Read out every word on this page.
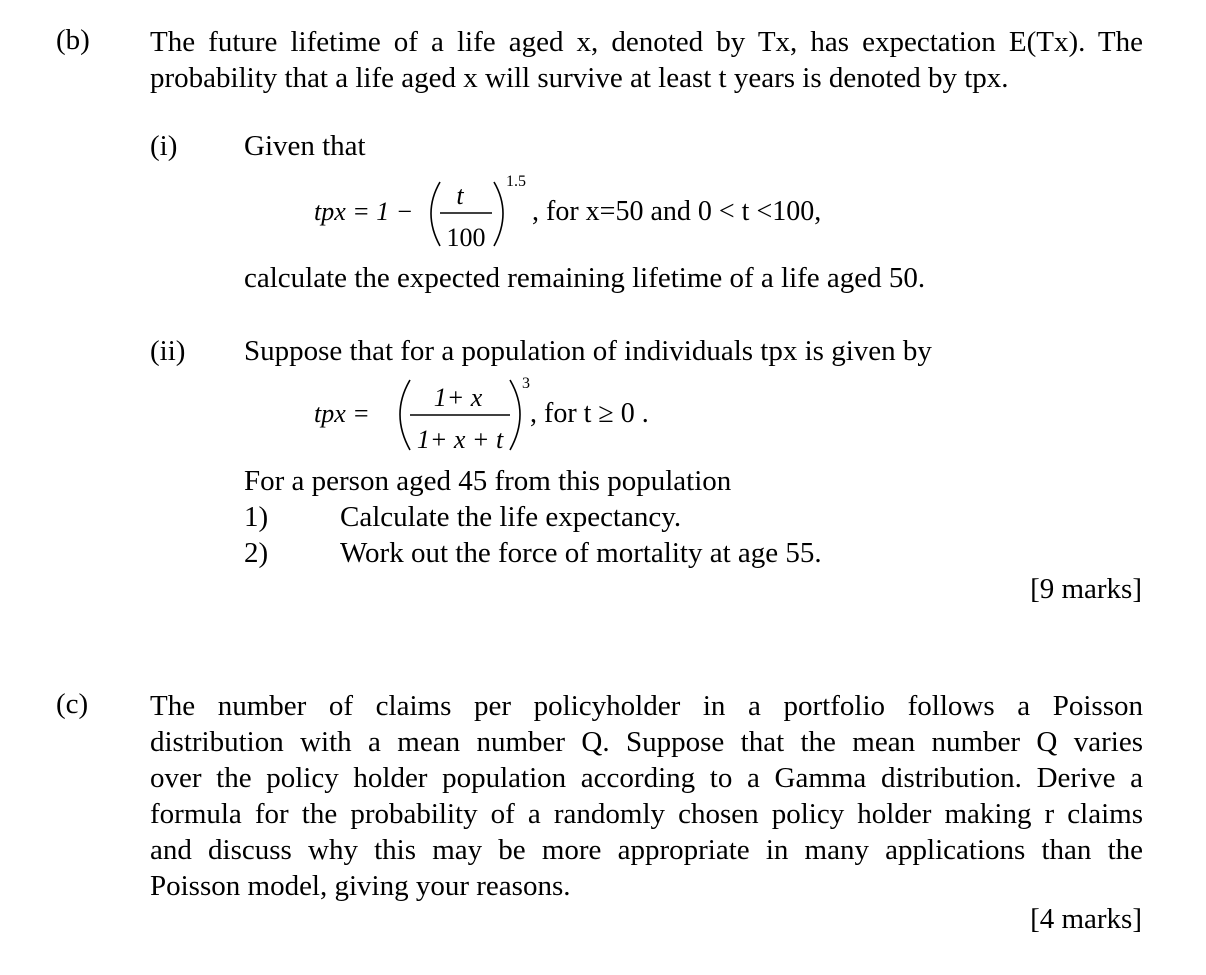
(b) The future lifetime of a life aged x, denoted by Tx, has expectation E(Tx). The
probability that a life aged x will survive at least t years is denoted by tpx.
(i) Given that
tpx = 1 −
t
100
1.5
, for x=50 and 0 < t <100,
calculate the expected remaining lifetime of a life aged 50.
(ii) Suppose that for a population of individuals tpx is given by
tpx =
1+ x
1+ x + t
3
, for t ≥ 0 .
For a person aged 45 from this population
1) Calculate the life expectancy.
2) Work out the force of mortality at age 55.
[9 marks]
(c) The number of claims per policyholder in a portfolio follows a Poisson
distribution with a mean number Q. Suppose that the mean number Q varies
over the policy holder population according to a Gamma distribution. Derive a
formula for the probability of a randomly chosen policy holder making r claims
and discuss why this may be more appropriate in many applications than the
Poisson model, giving your reasons.
[4 marks]
